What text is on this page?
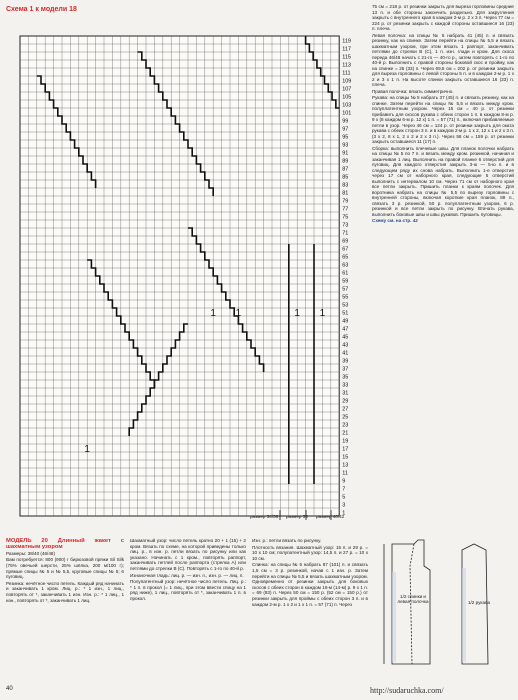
Схема 1 к модели 18
119
117
115
113
111
109
107
105
103
101
99
97
95
93
91
89
87
85
83
81
79
77
75
73
71
69
67
65
63
61
59
57
55
53
51
49
47
45
43
41
39
37
35
33
31
29
27
25
23
21
19
17
15
13
11
9
7
5
3
1
1	1 1
1
1
размер 34/36 размер 38 размер 40/42

75 см = 218 р. от резинки закрыть для выреза горловины средние 13 п. и обе стороны закончить раздельно. Для закругления закрыть с внутреннего края в каждом 2-м р. 2 х 3 п. Через 77 см = 224 р. от резинки закрыть с каждой стороны оставшиеся 16 (23) п. плеча.

Левая полочка: на спицы № 5 набрать 41 (45) п. и связать резинку, как на спинке. Затем перейти на спицы № 5,5 и вязать шахматным узором, при этом вязать 1 раппорт, заканчивать петлями до стрелки В (С), 1 п. изн. глади и кром. Для скоса переда 46/48 начать с 21-го — 40-го р., затем повторять с 1-го по 40-й р. Выполнить с правой стороны боковой скос и пройму, как на спинке = 25 (33) п. Через 69,5 см = 202 р. от резинки закрыть для выреза горловины с левой стороны 5 п. и в каждом 2-м р. 1 х 2 и 3 х 1 п. На высоте спинки закрыть оставшиеся 16 (23) п. плеча.

Правая полочка: вязать симметрично.

Рукава: на спицы № 5 набрать 37 (45) п. и связать резинку, как на спинке. Затем перейти на спицы № 5,5 и вязать между кром. полуплатентным узором. Через 15 см = 40 р. от резинки прибавить для скосов рукава с обеих сторон 1 п. в каждом 8-м р. 9 х (8 каждом 6-м р. 12 х) 1 п. = 57 (71) п., включая прибавляемые петли в узор. Через 46 см = 124 р. от резинки закрыть для оката рукава с обеих сторон 3 п. и в каждом 2-м р. 1 х 2, 12 х 1 и 2 х 3 п. (3 х 2, 8 х 1, 2 х 2 и 2 х 3 п.). Через 58 см = 159 р. от резинки закрыть оставшиеся 11 (17) п.

Сборка: выполнить плечевые швы. Для планок полочки набрать на спицы № 5 по 7 п. и вязать между кром. резинкой, начиная и заканчивая 1 лиц. Выполнить на правой планке 6 отверстий для пуговиц. Для каждого отверстия закрыть 3-ю — 5-ю п. и в следующем ряду их снова набрать. Выполнить 1-е отверстие через 17 см от наборного края, следующие 5 отверстий выполнить с интервалом 10 см. Через 71 см от наборного края все петли закрыть. Пришить планки к краям полочек. Для воротника набрать на спицы № 5,5 по вырезу горловины с внутренней стороны, включая короткие края планок, 89 п., связать 3 р. резинкой, 50 р. полуплатентным узором, 6 р. резинкой и все петли закрыть по рисунку. Втачать рукава, выполнить боковые швы и швы рукавов. Пришить пуговицы.

Схему см. на стр. 42

МОДЕЛЬ 20 Длинный жакет с шахматным узором

Размеры: 38/40 (46/48)

Вам потребуется: 800 (900) г бирюзовой пряжи Sil Silk (75% овечьей шерсти, 25% шёлка, 200 м/100 г); прямые спицы № 5 и № 5,5, круговые спицы № 5; 6 пуговиц.

Резинка: нечётное число петель. Каждый ряд начинать и заканчивать 1 кром. Лиц. р.: * 1 изн., 1 лиц., повторять от *, заканчивать 1 изн. Изн. р.: * 1 лиц., 1 изн., повторять от *, заканчивать 1 лиц.

Шахматный узор: число петель кратно 20 + 1 (15) + 2 кром. Вязать по схеме, на которой приведены только лиц. р., в изн. р. петли вязать по рисунку или как указано. Начинать с 1 кром., повторять раппорт, заканчивать петлей после раппорта (стрелка А) или петлями до стрелки В (С). Повторять с 1-го по 40-й р.

Изнаночная гладь: лиц. р. — изн. п., изн. р. — лиц. п.

Полупатентный узор: нечётное число петель. Лиц. р.: * 1 п. в прокол (= 1 лиц., при этом ввести спицу на 1 ряд ниже), 1 лиц., повторять от *, заканчивать 1 п. в прокол.

Изн. р.: петли вязать по рисунку.

Плотность вязания. Шахматный узор: 15 п. и 29 р. = 10 х 10 см; полупатентный узор: 14,5 п. и 27 р. = 10 х 10 см.

Спинка: на спицы № 5 набрать 87 (101) п. и связать 1,5 см = 3 р. резинкой, начав с 1 изн. р. Затем перейти на спицы № 5,5 и вязать шахматным узором. Одновременно от резинки закрыть для боковых скосов с обеих сторон в каждом 16-м (14-м) р. 9 х 1 п. = 69 (83) п. Через 50 см = 150 р. (52 см = 150 р.) от резинки закрыть для проймы с обеих сторон 3 п. и в каждом 2-м р. 1 х 2 и 1 х 1 п. = 57 (71) п. Через

1/2 спинки и левая полочка	1/2 рукава
40	http://sudaruchka.com/
